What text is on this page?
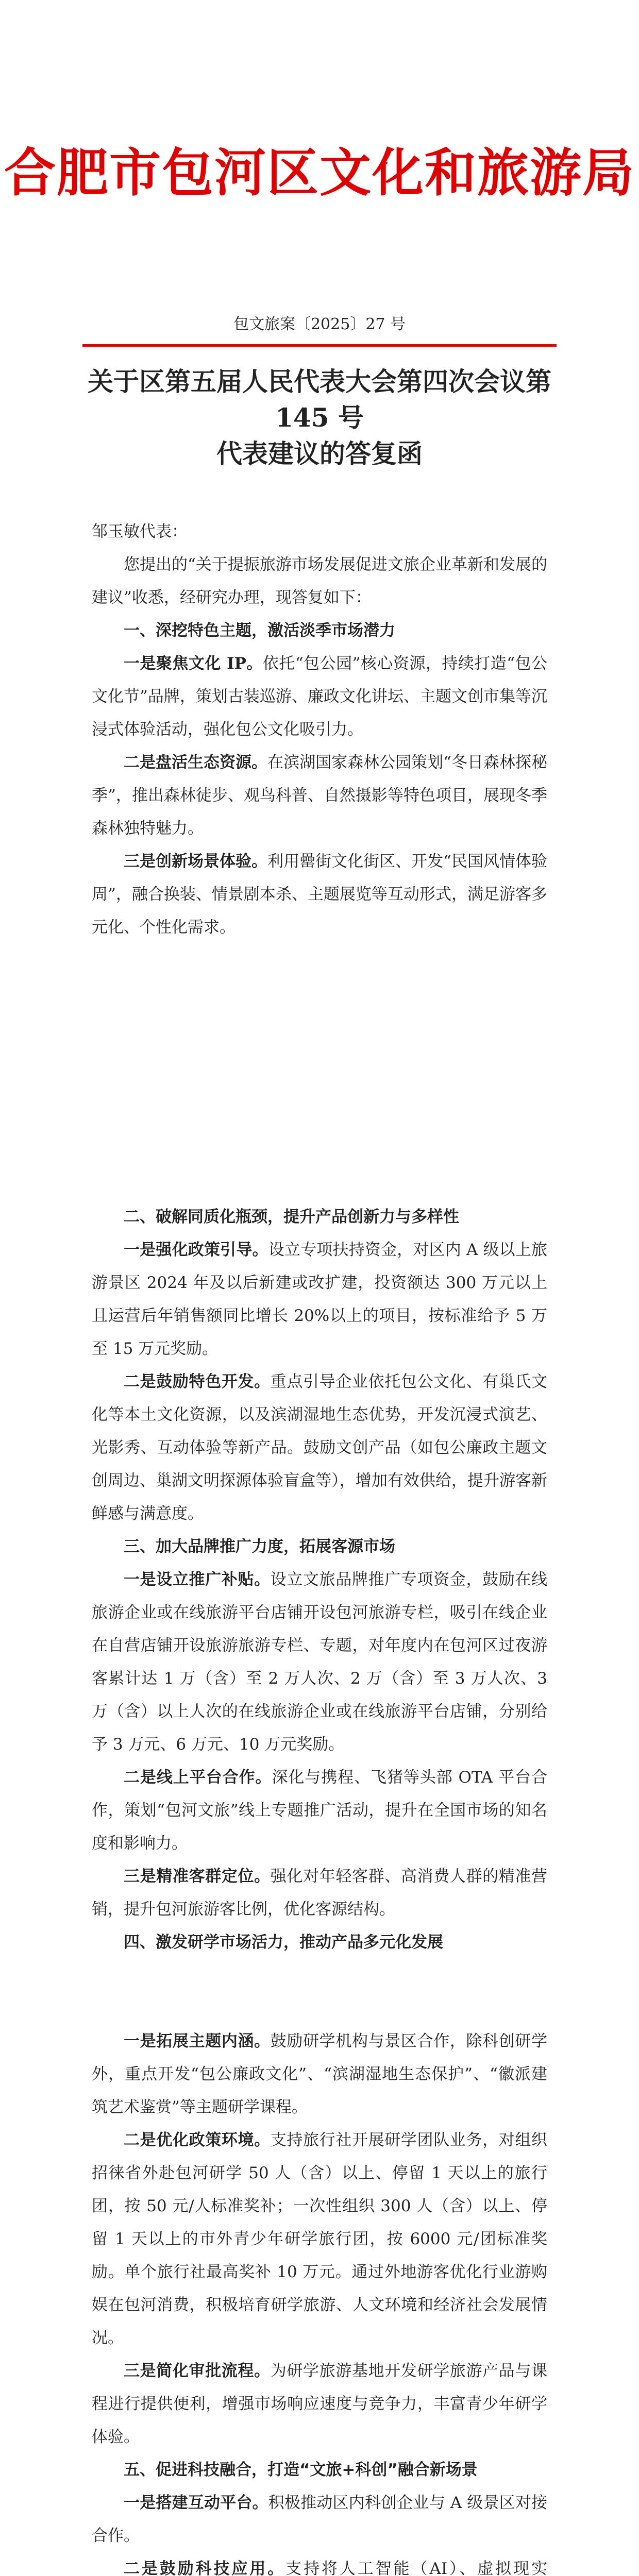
合肥市包河区文化和旅游局
包文旅案〔2025〕27 号
关于区第五届人民代表大会第四次会议第 145 号
代表建议的答复函

邹玉敏代表：

您提出的“关于提振旅游市场发展促进文旅企业革新和发展的建议”收悉，经研究办理，现答复如下：

一、深挖特色主题，激活淡季市场潜力

一是聚焦文化 IP。依托“包公园”核心资源，持续打造“包公文化节”品牌，策划古装巡游、廉政文化讲坛、主题文创市集等沉浸式体验活动，强化包公文化吸引力。

二是盘活生态资源。在滨湖国家森林公园策划“冬日森林探秘季”，推出森林徒步、观鸟科普、自然摄影等特色项目，展现冬季森林独特魅力。

三是创新场景体验。利用罍街文化街区、开发“民国风情体验周”，融合换装、情景剧本杀、主题展览等互动形式，满足游客多元化、个性化需求。

二、破解同质化瓶颈，提升产品创新力与多样性

一是强化政策引导。设立专项扶持资金，对区内 A 级以上旅游景区 2024 年及以后新建或改扩建，投资额达 300 万元以上且运营后年销售额同比增长 20%以上的项目，按标准给予 5 万至 15 万元奖励。

二是鼓励特色开发。重点引导企业依托包公文化、有巢氏文化等本土文化资源，以及滨湖湿地生态优势，开发沉浸式演艺、光影秀、互动体验等新产品。鼓励文创产品（如包公廉政主题文创周边、巢湖文明探源体验盲盒等），增加有效供给，提升游客新鲜感与满意度。

三、加大品牌推广力度，拓展客源市场

一是设立推广补贴。设立文旅品牌推广专项资金，鼓励在线旅游企业或在线旅游平台店铺开设包河旅游专栏，吸引在线企业在自营店铺开设旅游旅游专栏、专题，对年度内在包河区过夜游客累计达 1 万（含）至 2 万人次、2 万（含）至 3 万人次、3 万（含）以上人次的在线旅游企业或在线旅游平台店铺，分别给予 3 万元、6 万元、10 万元奖励。

二是线上平台合作。深化与携程、飞猪等头部 OTA 平台合作，策划“包河文旅”线上专题推广活动，提升在全国市场的知名度和影响力。

三是精准客群定位。强化对年轻客群、高消费人群的精准营销，提升包河旅游客比例，优化客源结构。

四、激发研学市场活力，推动产品多元化发展

一是拓展主题内涵。鼓励研学机构与景区合作，除科创研学外，重点开发“包公廉政文化”、“滨湖湿地生态保护”、“徽派建筑艺术鉴赏”等主题研学课程。

二是优化政策环境。支持旅行社开展研学团队业务，对组织招徕省外赴包河研学 50 人（含）以上、停留 1 天以上的旅行团，按 50 元/人标准奖补；一次性组织 300 人（含）以上、停留 1 天以上的市外青少年研学旅行团，按 6000 元/团标准奖励。单个旅行社最高奖补 10 万元。通过外地游客优化行业游购娱在包河消费，积极培育研学旅游、人文环境和经济社会发展情况。

三是简化审批流程。为研学旅游基地开发研学旅游产品与课程进行提供便利，增强市场响应速度与竞争力，丰富青少年研学体验。

五、促进科技融合，打造“文旅+科创”融合新场景

一是搭建互动平台。积极推动区内科创企业与 A 级景区对接合作。

二是鼓励科技应用。支持将人工智能（AI）、虚拟现实
